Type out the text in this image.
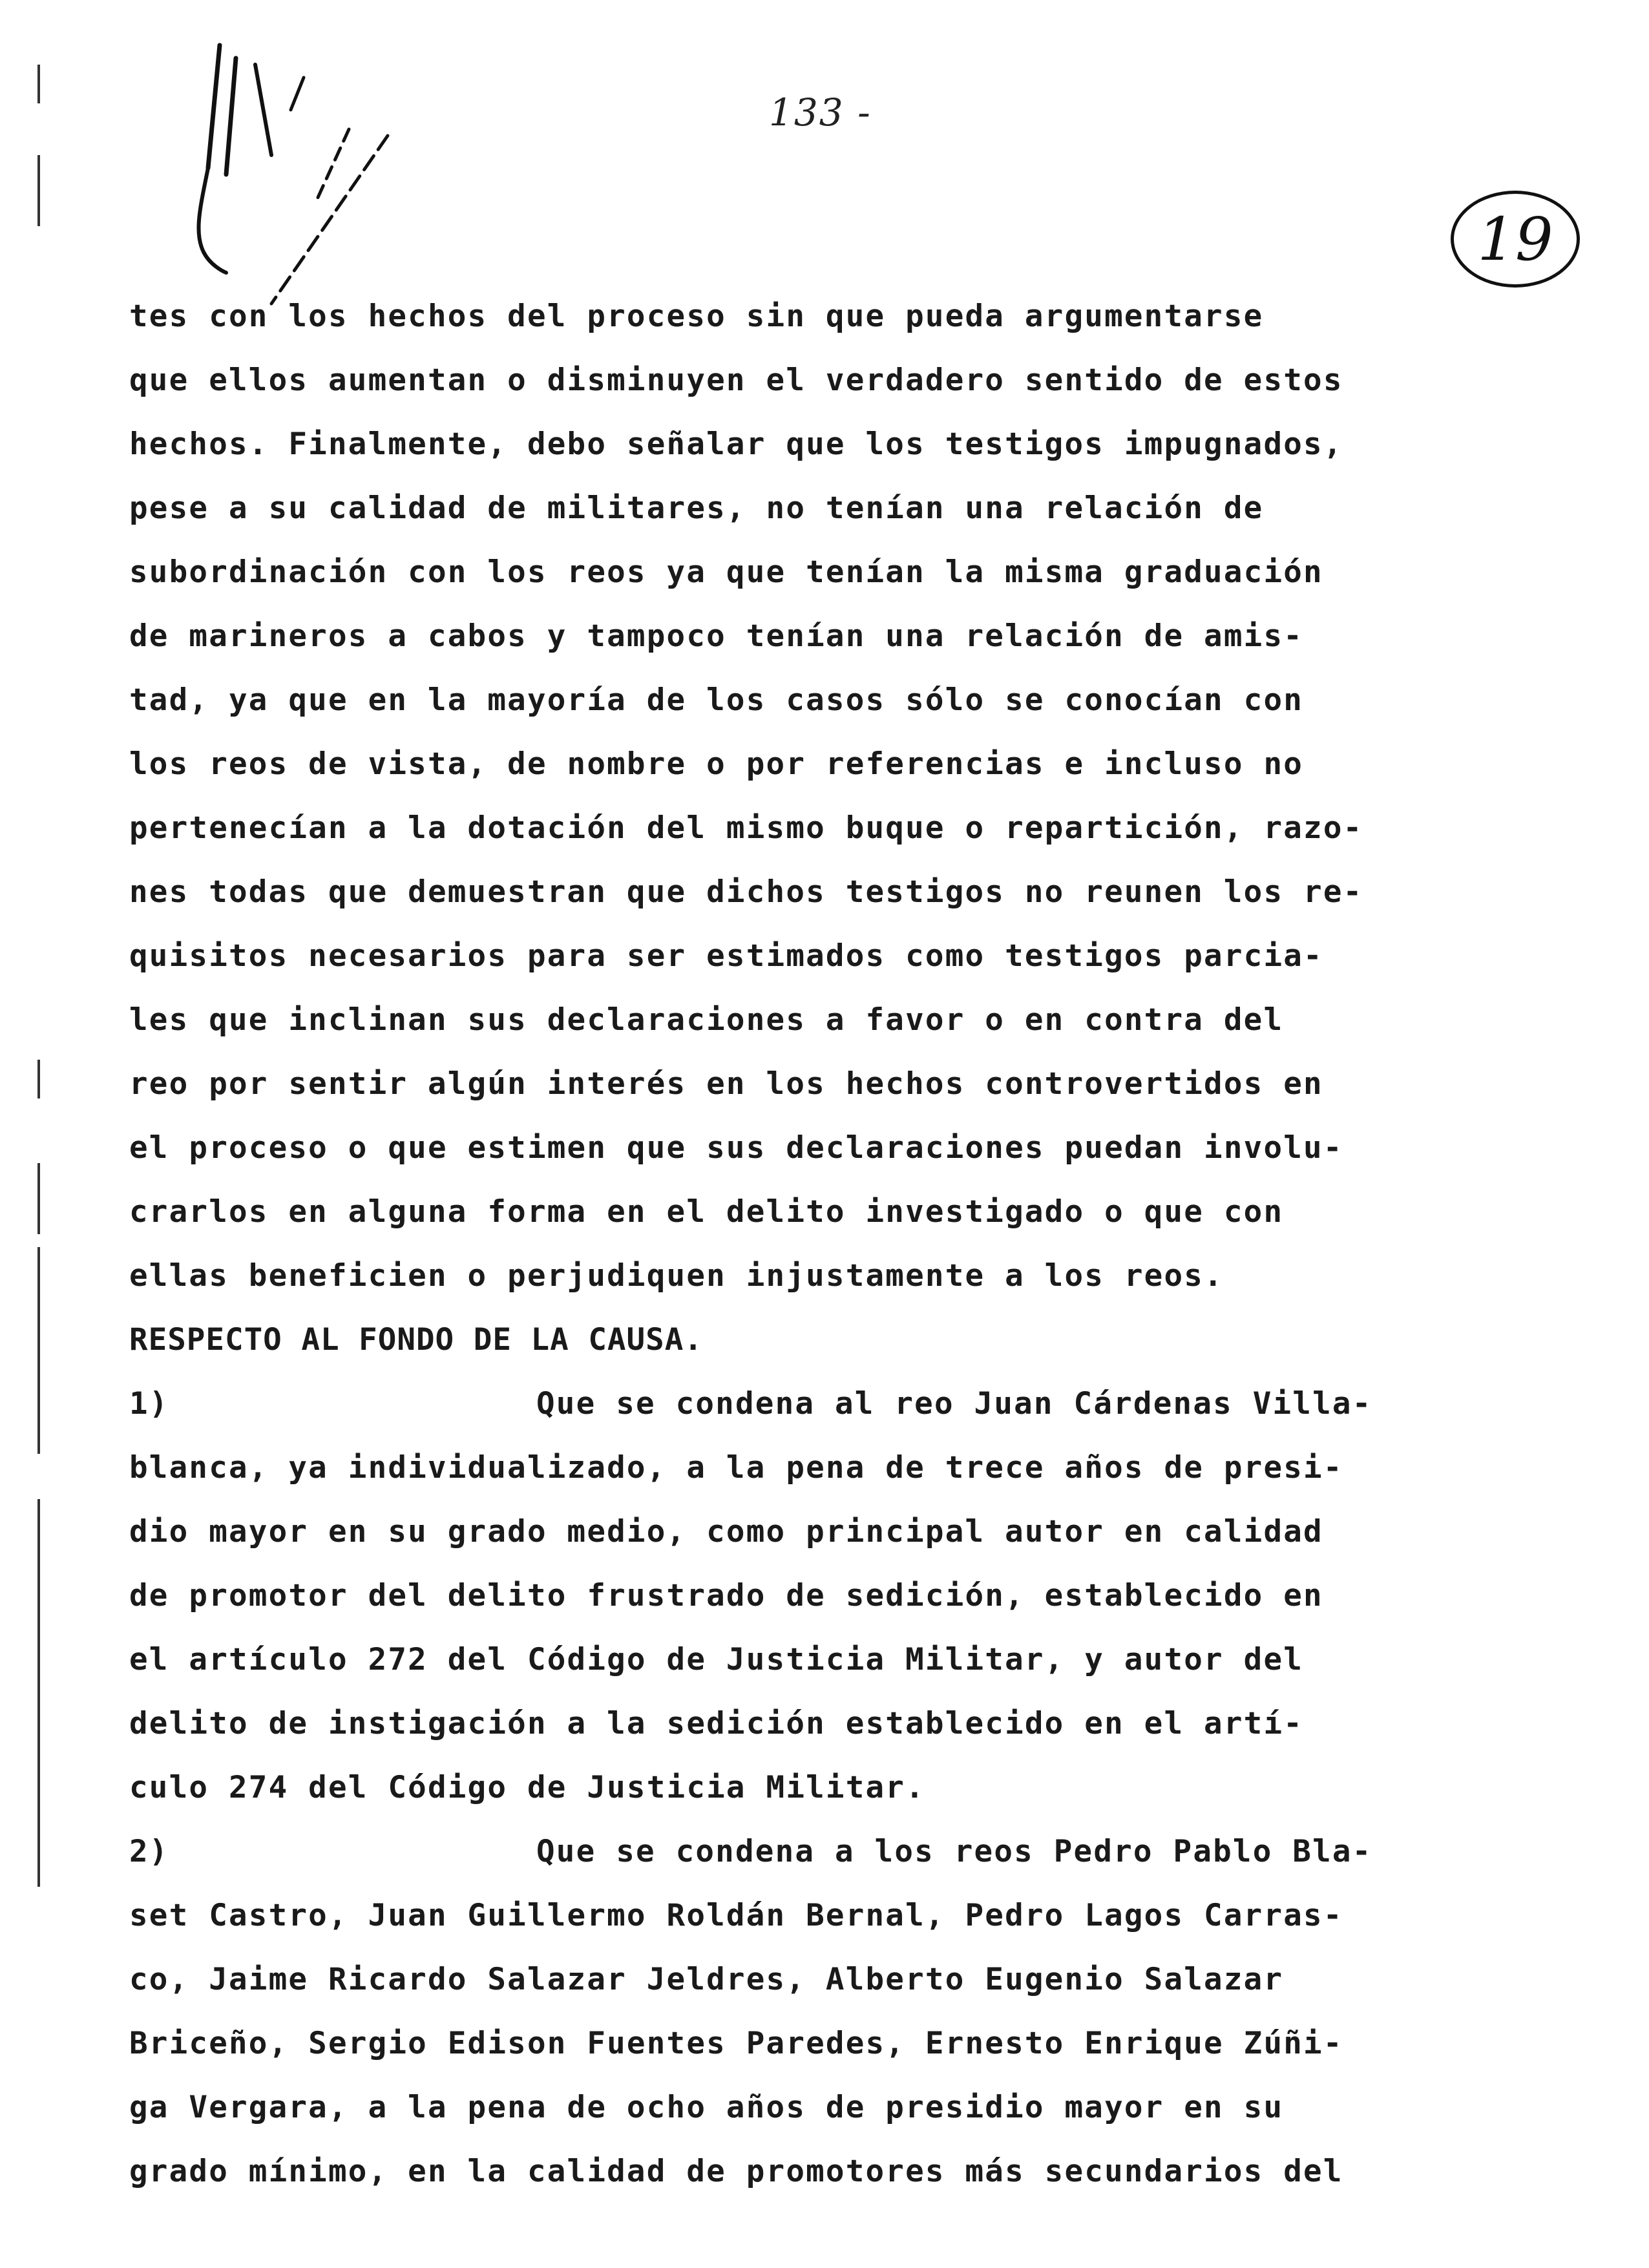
133 -
19
tes con los hechos del proceso sin que pueda argumentarse
que ellos aumentan o disminuyen el verdadero sentido de estos
hechos. Finalmente, debo señalar que los testigos impugnados,
pese a su calidad de militares, no tenían una relación de
subordinación con los reos ya que tenían la misma graduación
de marineros a cabos y tampoco tenían una relación de amis-
tad, ya que en la mayoría de los casos sólo se conocían con
los reos de vista, de nombre o por referencias e incluso no
pertenecían a la dotación del mismo buque o repartición, razo-
nes todas que demuestran que dichos testigos no reunen los re-
quisitos necesarios para ser estimados como testigos parcia-
les que inclinan sus declaraciones a favor o en contra del
reo por sentir algún interés en los hechos controvertidos en
el proceso o que estimen que sus declaraciones puedan involu-
crarlos en alguna forma en el delito investigado o que con
ellas beneficien o perjudiquen injustamente a los reos.
RESPECTO AL FONDO DE LA CAUSA.
1)	Que se condena al reo Juan Cárdenas Villa-
blanca, ya individualizado, a la pena de trece años de presi-
dio mayor en su grado medio, como principal autor en calidad
de promotor del delito frustrado de sedición, establecido en
el artículo 272 del Código de Justicia Militar, y autor del
delito de instigación a la sedición establecido en el artí-
culo 274 del Código de Justicia Militar.
2)	Que se condena a los reos Pedro Pablo Bla-
set Castro, Juan Guillermo Roldán Bernal, Pedro Lagos Carras-
co, Jaime Ricardo Salazar Jeldres, Alberto Eugenio Salazar
Briceño, Sergio Edison Fuentes Paredes, Ernesto Enrique Zúñi-
ga Vergara, a la pena de ocho años de presidio mayor en su
grado mínimo, en la calidad de promotores más secundarios del
